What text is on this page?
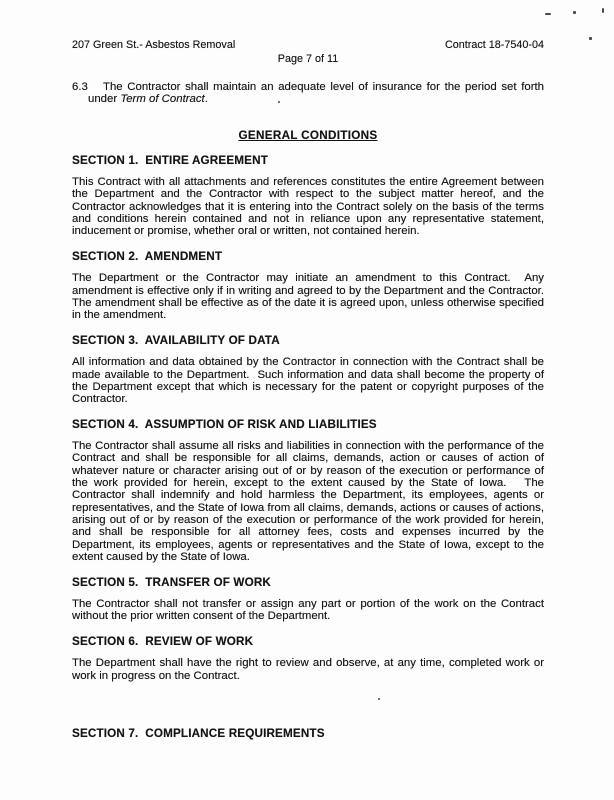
207 Green St.- Asbestos Removal	Contract 18-7540-04
Page 7 of 11
6.3 The Contractor shall maintain an adequate level of insurance for the period set forth under Term of Contract.
GENERAL CONDITIONS
SECTION 1.  ENTIRE AGREEMENT
This Contract with all attachments and references constitutes the entire Agreement between the Department and the Contractor with respect to the subject matter hereof, and the Contractor acknowledges that it is entering into the Contract solely on the basis of the terms and conditions herein contained and not in reliance upon any representative statement, inducement or promise, whether oral or written, not contained herein.
SECTION 2.  AMENDMENT
The Department or the Contractor may initiate an amendment to this Contract.  Any amendment is effective only if in writing and agreed to by the Department and the Contractor.  The amendment shall be effective as of the date it is agreed upon, unless otherwise specified in the amendment.
SECTION 3.  AVAILABILITY OF DATA
All information and data obtained by the Contractor in connection with the Contract shall be made available to the Department.  Such information and data shall become the property of the Department except that which is necessary for the patent or copyright purposes of the Contractor.
SECTION 4.  ASSUMPTION OF RISK AND LIABILITIES
The Contractor shall assume all risks and liabilities in connection with the performance of the Contract and shall be responsible for all claims, demands, action or causes of action of whatever nature or character arising out of or by reason of the execution or performance of the work provided for herein, except to the extent caused by the State of Iowa.   The Contractor shall indemnify and hold harmless the Department, its employees, agents or representatives, and the State of Iowa from all claims, demands, actions or causes of actions, arising out of or by reason of the execution or performance of the work provided for herein, and shall be responsible for all attorney fees, costs and expenses incurred by the Department, its employees, agents or representatives and the State of Iowa, except to the extent caused by the State of Iowa.
SECTION 5.  TRANSFER OF WORK
The Contractor shall not transfer or assign any part or portion of the work on the Contract without the prior written consent of the Department.
SECTION 6.  REVIEW OF WORK
The Department shall have the right to review and observe, at any time, completed work or work in progress on the Contract.
SECTION 7.  COMPLIANCE REQUIREMENTS
